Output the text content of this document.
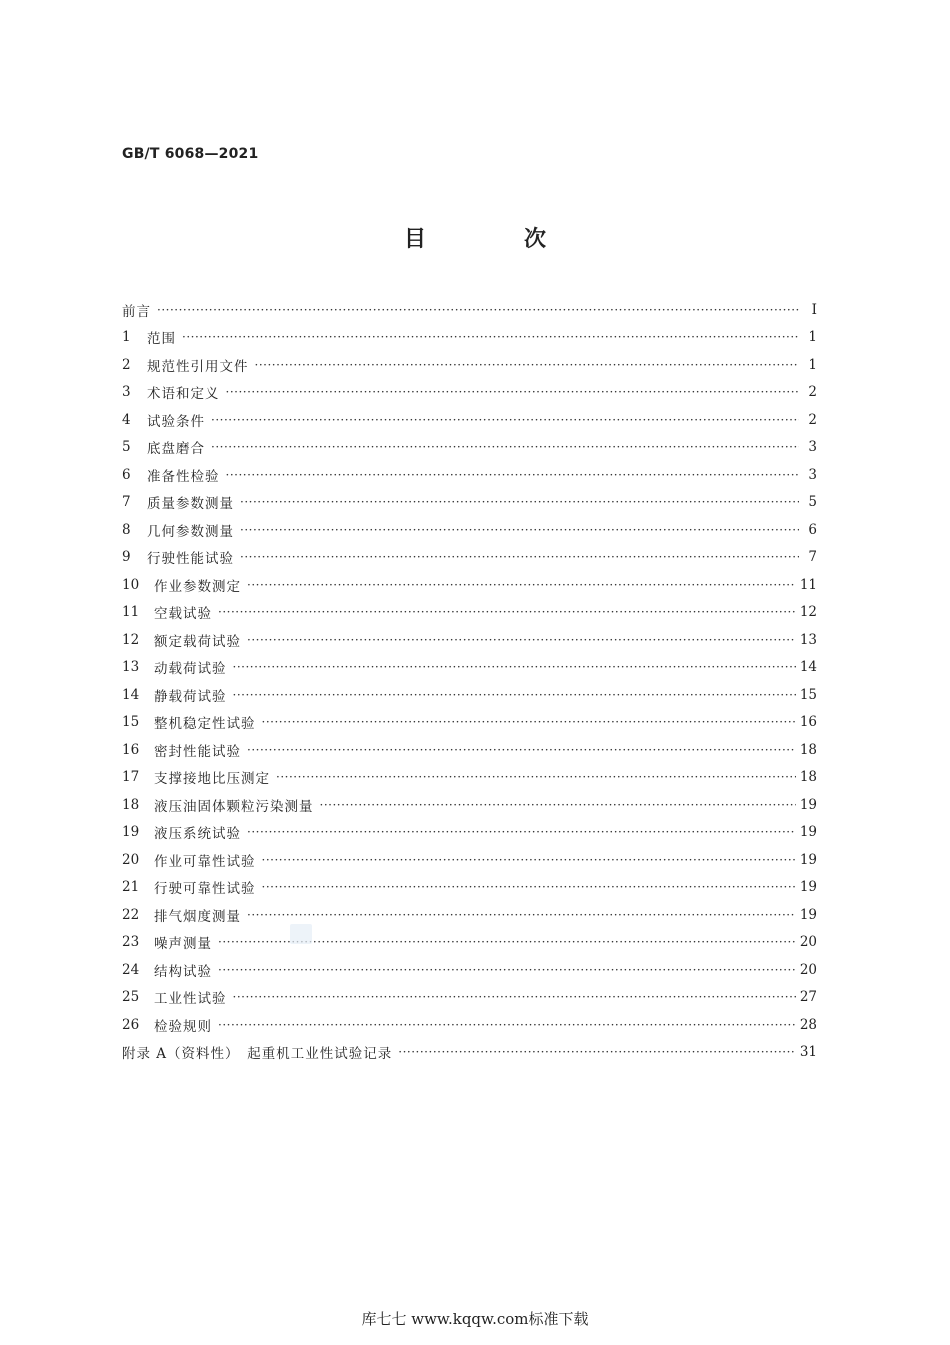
GB/T 6068—2021
目　次
前言 ·····	Ⅰ
1	范围 ·····	1
2	规范性引用文件 ·····	1
3	术语和定义 ·····	2
4	试验条件 ·····	2
5	底盘磨合 ·····	3
6	准备性检验 ·····	3
7	质量参数测量 ·····	5
8	几何参数测量 ·····	6
9	行驶性能试验 ·····	7
10	作业参数测定 ·····	11
11	空载试验 ·····	12
12	额定载荷试验 ·····	13
13	动载荷试验 ·····	14
14	静载荷试验 ·····	15
15	整机稳定性试验 ·····	16
16	密封性能试验 ·····	18
17	支撑接地比压测定 ·····	18
18	液压油固体颗粒污染测量 ·····	19
19	液压系统试验 ·····	19
20	作业可靠性试验 ·····	19
21	行驶可靠性试验 ·····	19
22	排气烟度测量 ·····	19
23	噪声测量 ·····	20
24	结构试验 ·····	20
25	工业性试验 ·····	27
26	检验规则 ·····	28
附录 A（资料性）　起重机工业性试验记录 ·····	31
库七七 www.kqqw.com标准下载
